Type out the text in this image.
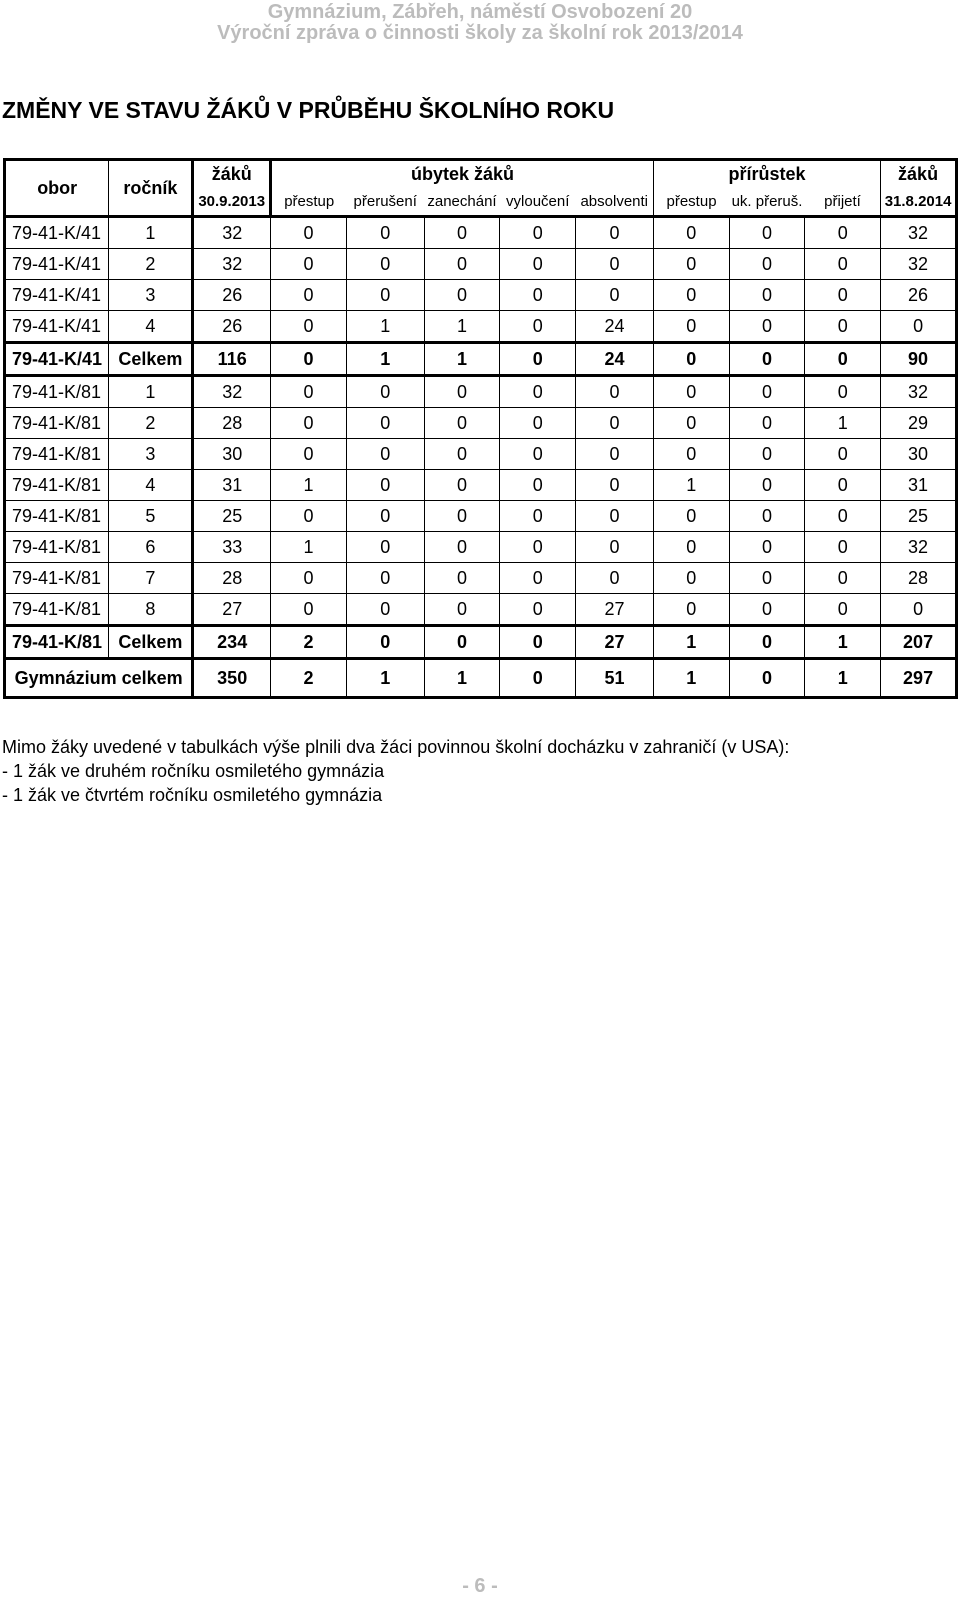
Gymnázium, Zábřeh, náměstí Osvobození 20
Výroční zpráva o činnosti školy za školní rok 2013/2014
ZMĚNY VE STAVU ŽÁKŮ V PRŮBĚHU ŠKOLNÍHO ROKU
obor	ročník	žáků	úbytek žáků					přírůstek			žáků
		30.9.2013	přestup	přerušení	zanechání	vyloučení	absolventi	přestup	uk. přeruš.	přijetí	31.8.2014
79-41-K/41	1	32	0	0	0	0	0	0	0	0	32
79-41-K/41	2	32	0	0	0	0	0	0	0	0	32
79-41-K/41	3	26	0	0	0	0	0	0	0	0	26
79-41-K/41	4	26	0	1	1	0	24	0	0	0	0
79-41-K/41	Celkem	116	0	1	1	0	24	0	0	0	90
79-41-K/81	1	32	0	0	0	0	0	0	0	0	32
79-41-K/81	2	28	0	0	0	0	0	0	0	1	29
79-41-K/81	3	30	0	0	0	0	0	0	0	0	30
79-41-K/81	4	31	1	0	0	0	0	1	0	0	31
79-41-K/81	5	25	0	0	0	0	0	0	0	0	25
79-41-K/81	6	33	1	0	0	0	0	0	0	0	32
79-41-K/81	7	28	0	0	0	0	0	0	0	0	28
79-41-K/81	8	27	0	0	0	0	27	0	0	0	0
79-41-K/81	Celkem	234	2	0	0	0	27	1	0	1	207
Gymnázium celkem		350	2	1	1	0	51	1	0	1	297
Mimo žáky uvedené v tabulkách výše plnili dva žáci povinnou školní docházku v zahraničí (v USA):
- 1 žák ve druhém ročníku osmiletého gymnázia
- 1 žák ve čtvrtém ročníku osmiletého gymnázia
- 6 -
